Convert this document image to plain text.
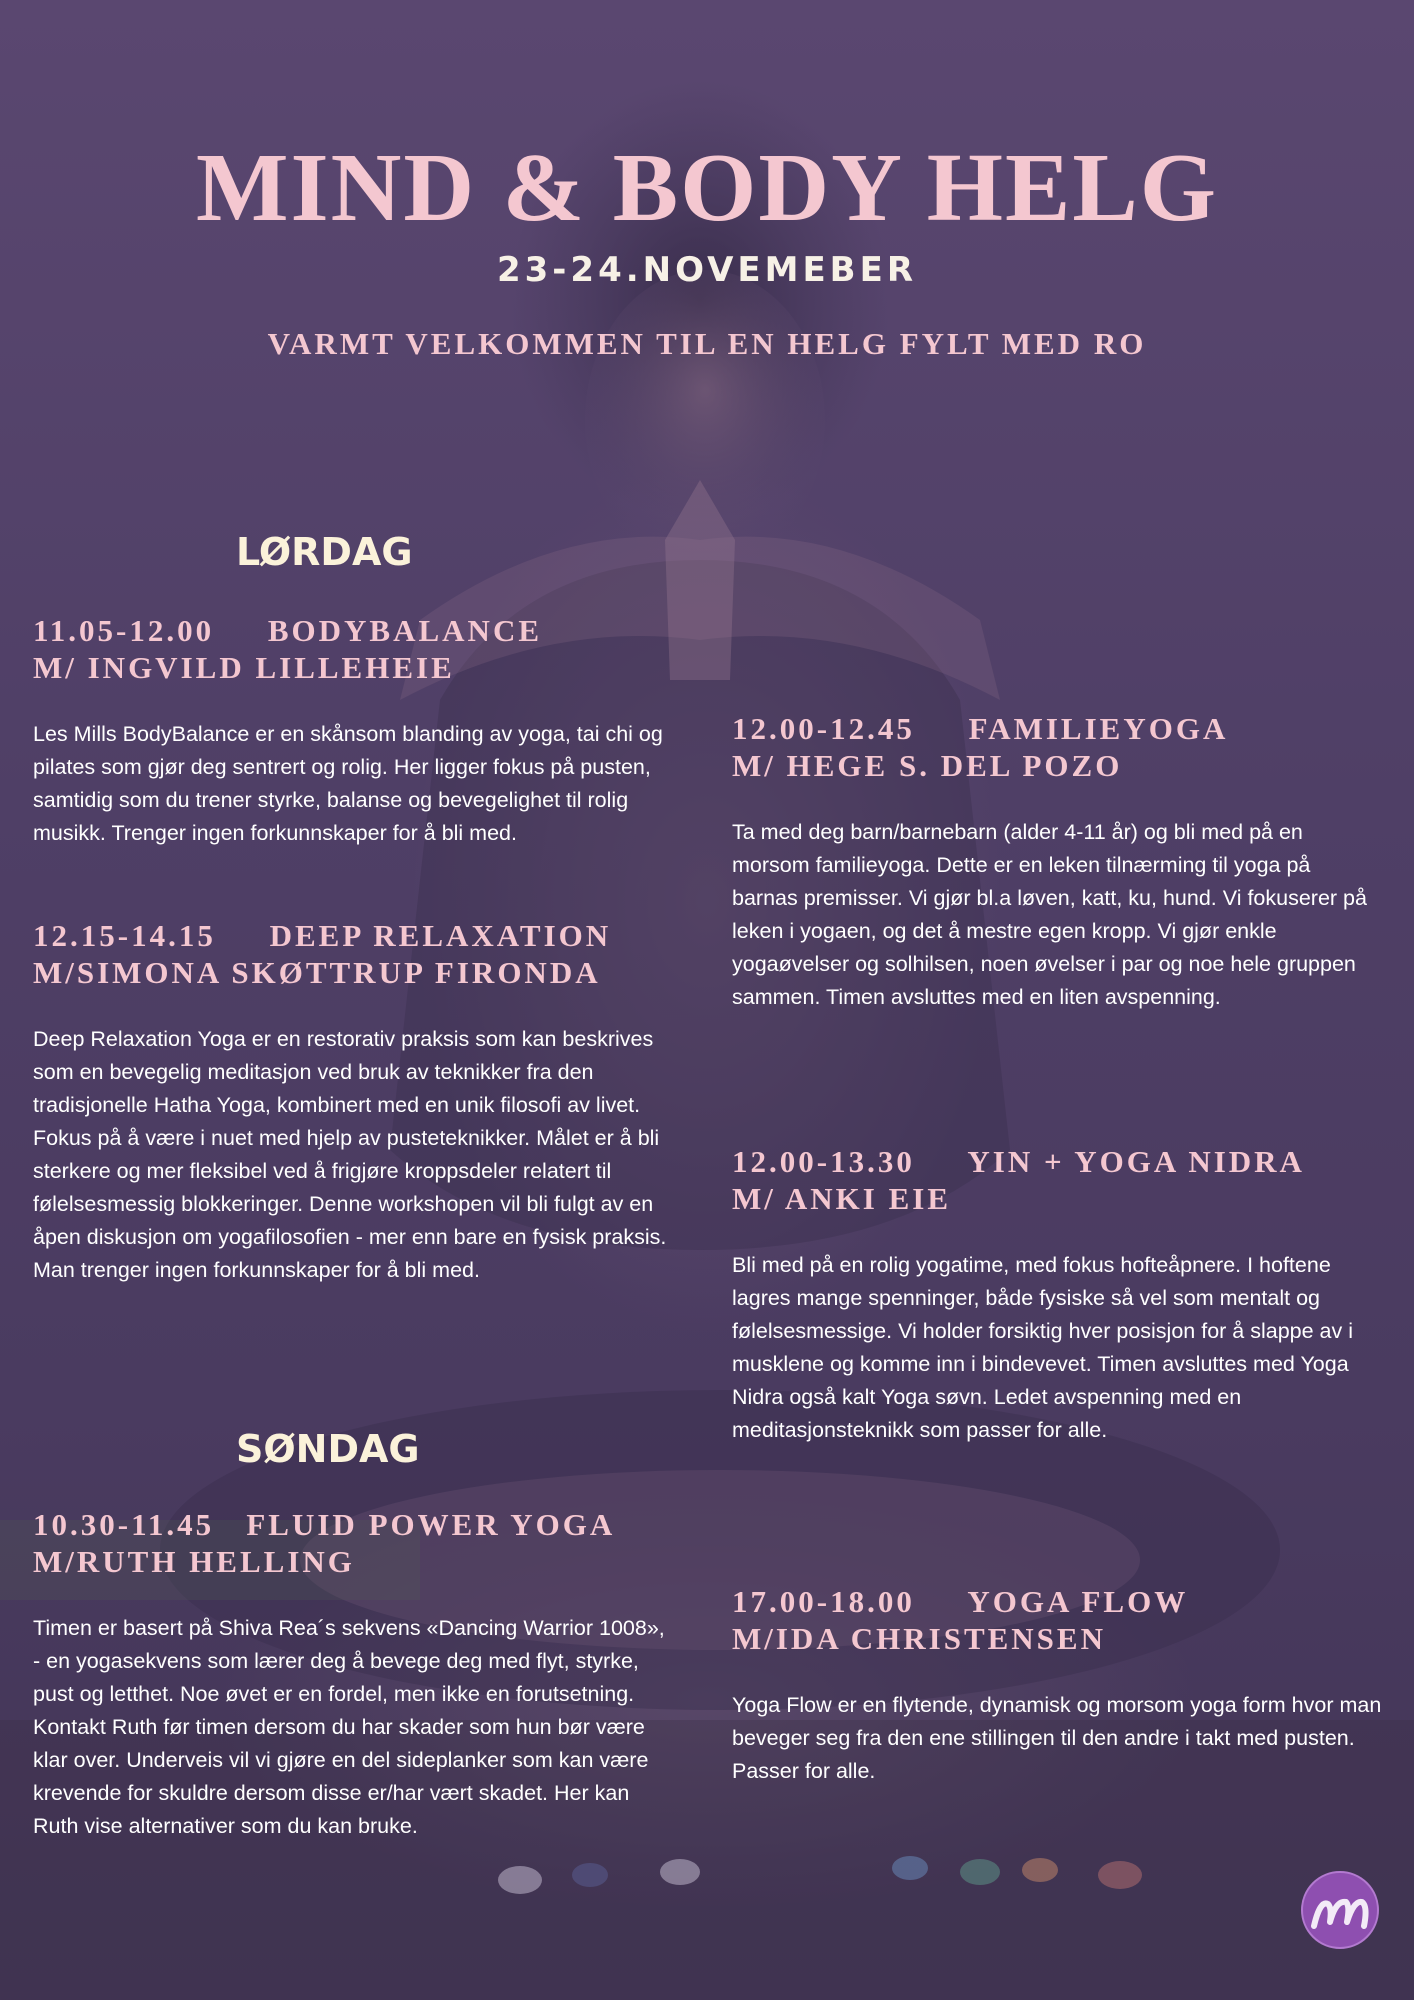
MIND & BODY HELG
23-24.NOVEMEBER
VARMT VELKOMMEN TIL EN HELG FYLT MED RO
LØRDAG

11.05-12.00     BODYBALANCE

M/ INGVILD LILLEHEIE

Les Mills BodyBalance er en skånsom blanding av yoga, tai chi og pilates som gjør deg sentrert og rolig. Her ligger fokus på pusten, samtidig som du trener styrke, balanse og bevegelighet til rolig musikk. Trenger ingen forkunnskaper for å bli med.

12.15-14.15     DEEP RELAXATION

M/SIMONA SKØTTRUP FIRONDA

Deep Relaxation Yoga er en restorativ praksis som kan beskrives som en bevegelig meditasjon ved bruk av teknikker fra den tradisjonelle Hatha Yoga, kombinert med en unik filosofi av livet. Fokus på å være i nuet med hjelp av pusteteknikker. Målet er å bli sterkere og mer fleksibel ved å frigjøre kroppsdeler relatert til følelsesmessig blokkeringer. Denne workshopen vil bli fulgt av en åpen diskusjon om yogafilosofien - mer enn bare en fysisk praksis. Man trenger ingen forkunnskaper for å bli med.

12.00-12.45     FAMILIEYOGA

M/ HEGE S. DEL POZO

Ta med deg barn/barnebarn (alder 4-11 år) og bli med på en morsom familieyoga. Dette er en leken tilnærming til yoga på barnas premisser. Vi gjør bl.a løven, katt, ku, hund. Vi fokuserer på leken i yogaen, og det å mestre egen kropp. Vi gjør enkle yogaøvelser og solhilsen, noen øvelser i par og noe hele gruppen sammen. Timen avsluttes med en liten avspenning.

12.00-13.30     YIN + YOGA NIDRA

M/ ANKI EIE

Bli med på en rolig yogatime, med fokus hofteåpnere. I hoftene lagres mange spenninger, både fysiske så vel som mentalt og følelsesmessige. Vi holder forsiktig hver posisjon for å slappe av i musklene og komme inn i bindevevet. Timen avsluttes med Yoga Nidra også kalt Yoga søvn. Ledet avspenning med en meditasjonsteknikk som passer for alle.

SØNDAG

10.30-11.45   FLUID POWER YOGA

M/RUTH HELLING

Timen er basert på Shiva Rea´s sekvens «Dancing Warrior 1008», - en yogasekvens som lærer deg å bevege deg med flyt, styrke, pust og letthet. Noe øvet er en fordel, men ikke en forutsetning. Kontakt Ruth før timen dersom du har skader som hun bør være klar over. Underveis vil vi gjøre en del sideplanker som kan være krevende for skuldre dersom disse er/har vært skadet. Her kan Ruth vise alternativer som du kan bruke.

17.00-18.00     YOGA FLOW

M/IDA CHRISTENSEN

Yoga Flow er en flytende, dynamisk og morsom yoga form hvor man beveger seg fra den ene stillingen til den andre i takt med pusten. Passer for alle.
